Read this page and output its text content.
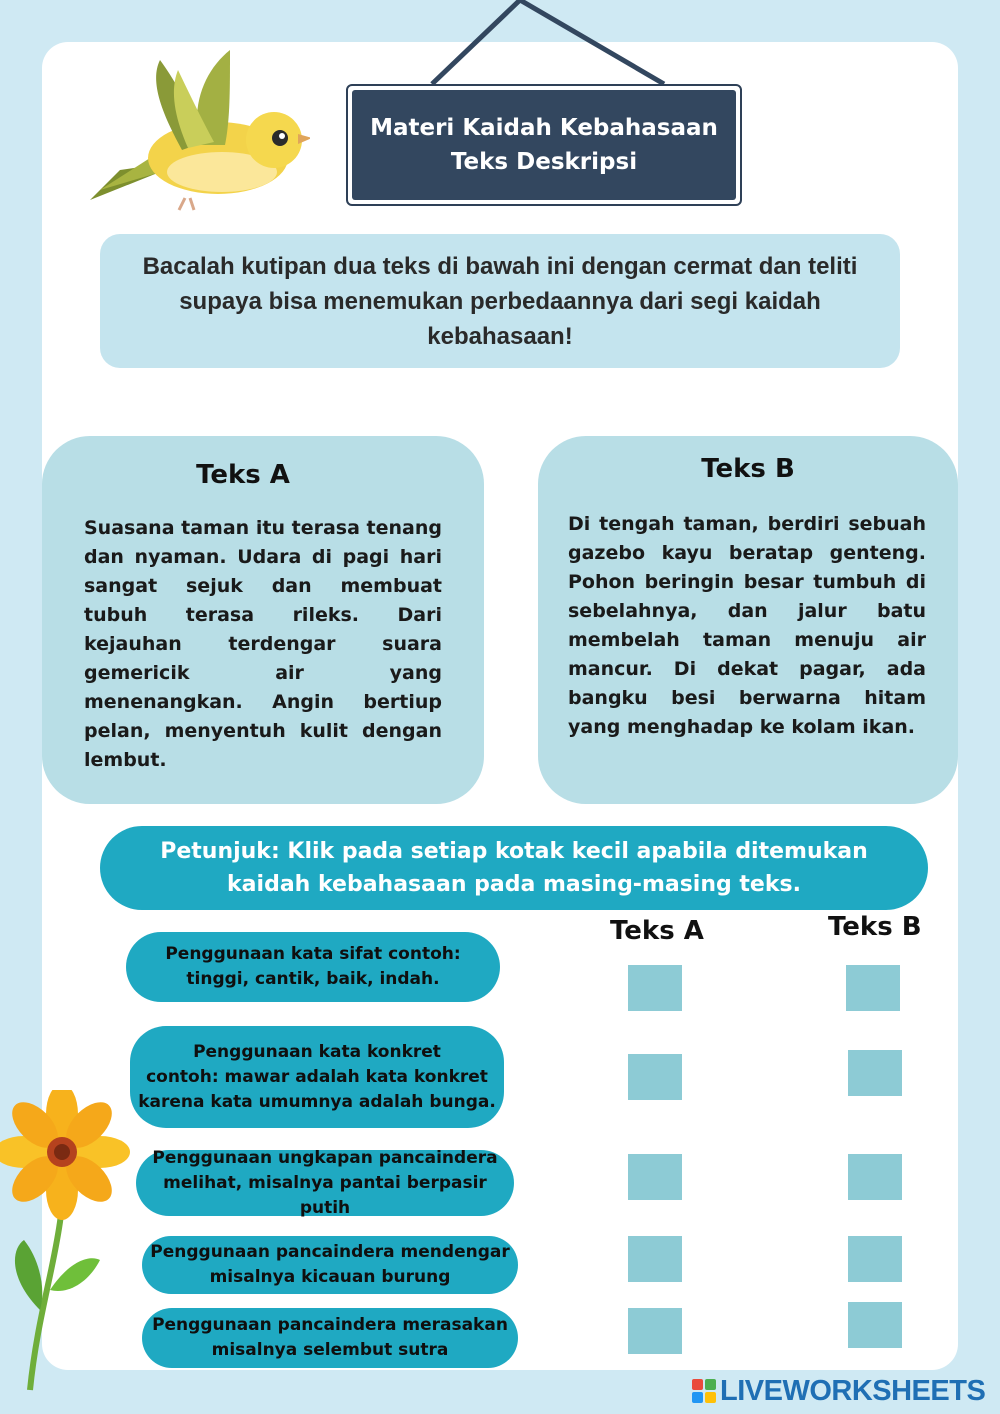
Materi Kaidah Kebahasaan
Teks Deskripsi
Bacalah kutipan dua teks di bawah ini dengan cermat dan teliti supaya bisa menemukan perbedaannya dari segi kaidah kebahasaan!
Teks A

Suasana taman itu terasa tenang dan nyaman. Udara di pagi hari sangat sejuk dan membuat tubuh terasa rileks. Dari kejauhan terdengar suara gemericik air yang menenangkan. Angin bertiup pelan, menyentuh kulit dengan lembut.

Teks B

Di tengah taman, berdiri sebuah gazebo kayu beratap genteng. Pohon beringin besar tumbuh di sebelahnya, dan jalur batu membelah taman menuju air mancur. Di dekat pagar, ada bangku besi berwarna hitam yang menghadap ke kolam ikan.

Petunjuk: Klik pada setiap kotak kecil apabila ditemukan
kaidah kebahasaan pada masing-masing teks.
Teks A	Teks B
Penggunaan kata sifat contoh:
tinggi, cantik, baik, indah.
Penggunaan kata konkret
contoh: mawar adalah kata konkret
karena kata umumnya adalah bunga.
Penggunaan ungkapan pancaindera
melihat, misalnya pantai berpasir putih
Penggunaan pancaindera mendengar
misalnya kicauan burung
Penggunaan pancaindera merasakan
misalnya selembut sutra
LIVEWORKSHEETS
